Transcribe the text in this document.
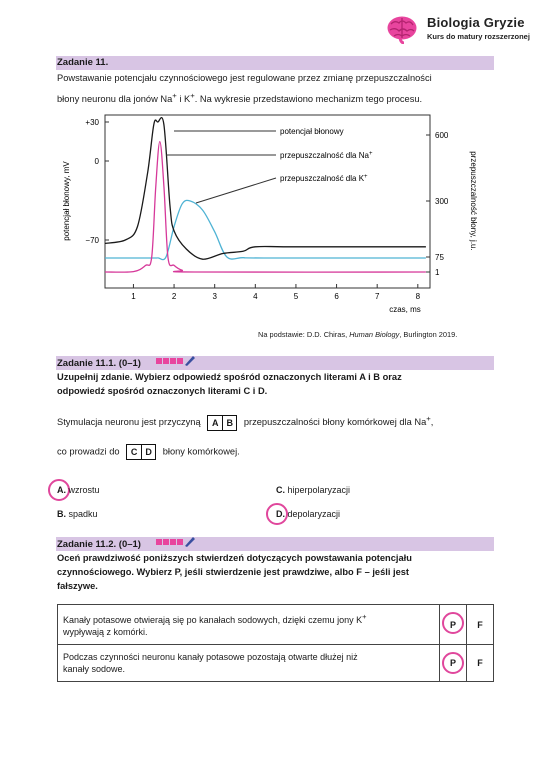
Biologia Gryzie
Kurs do matury rozszerzonej
Zadanie 11.
Powstawanie potencjału czynnościowego jest regulowane przez zmianę przepuszczalności
błony neuronu dla jonów Na+ i K+. Na wykresie przedstawiono mechanizm tego procesu.
1	2	3	4	5	6	7	8
czas, ms
+30
0
−70
potencjał błonowy, mV
600
300
75
1
przepuszczalność błony, j.u.
potencjał błonowy
przepuszczalność dla Na+
przepuszczalność dla K+
Na podstawie: D.D. Chiras, Human Biology, Burlington 2019.
Zadanie 11.1. (0–1)
Uzupełnij zdanie. Wybierz odpowiedź spośród oznaczonych literami A i B oraz
odpowiedź spośród oznaczonych literami C i D.
Stymulacja neuronu jest przyczyną A B przepuszczalności błony komórkowej dla Na+,
co prowadzi do C D błony komórkowej.
A. wzrostu	C. hiperpolaryzacji
B. spadku	D. depolaryzacji
Zadanie 11.2. (0–1)
Oceń prawdziwość poniższych stwierdzeń dotyczących powstawania potencjału
czynnościowego. Wybierz P, jeśli stwierdzenie jest prawdziwe, albo F – jeśli jest
fałszywe.
Kanały potasowe otwierają się po kanałach sodowych, dzięki czemu jony K+
wypływają z komórki.	P	F
Podczas czynności neuronu kanały potasowe pozostają otwarte dłużej niż
kanały sodowe.	P	F
